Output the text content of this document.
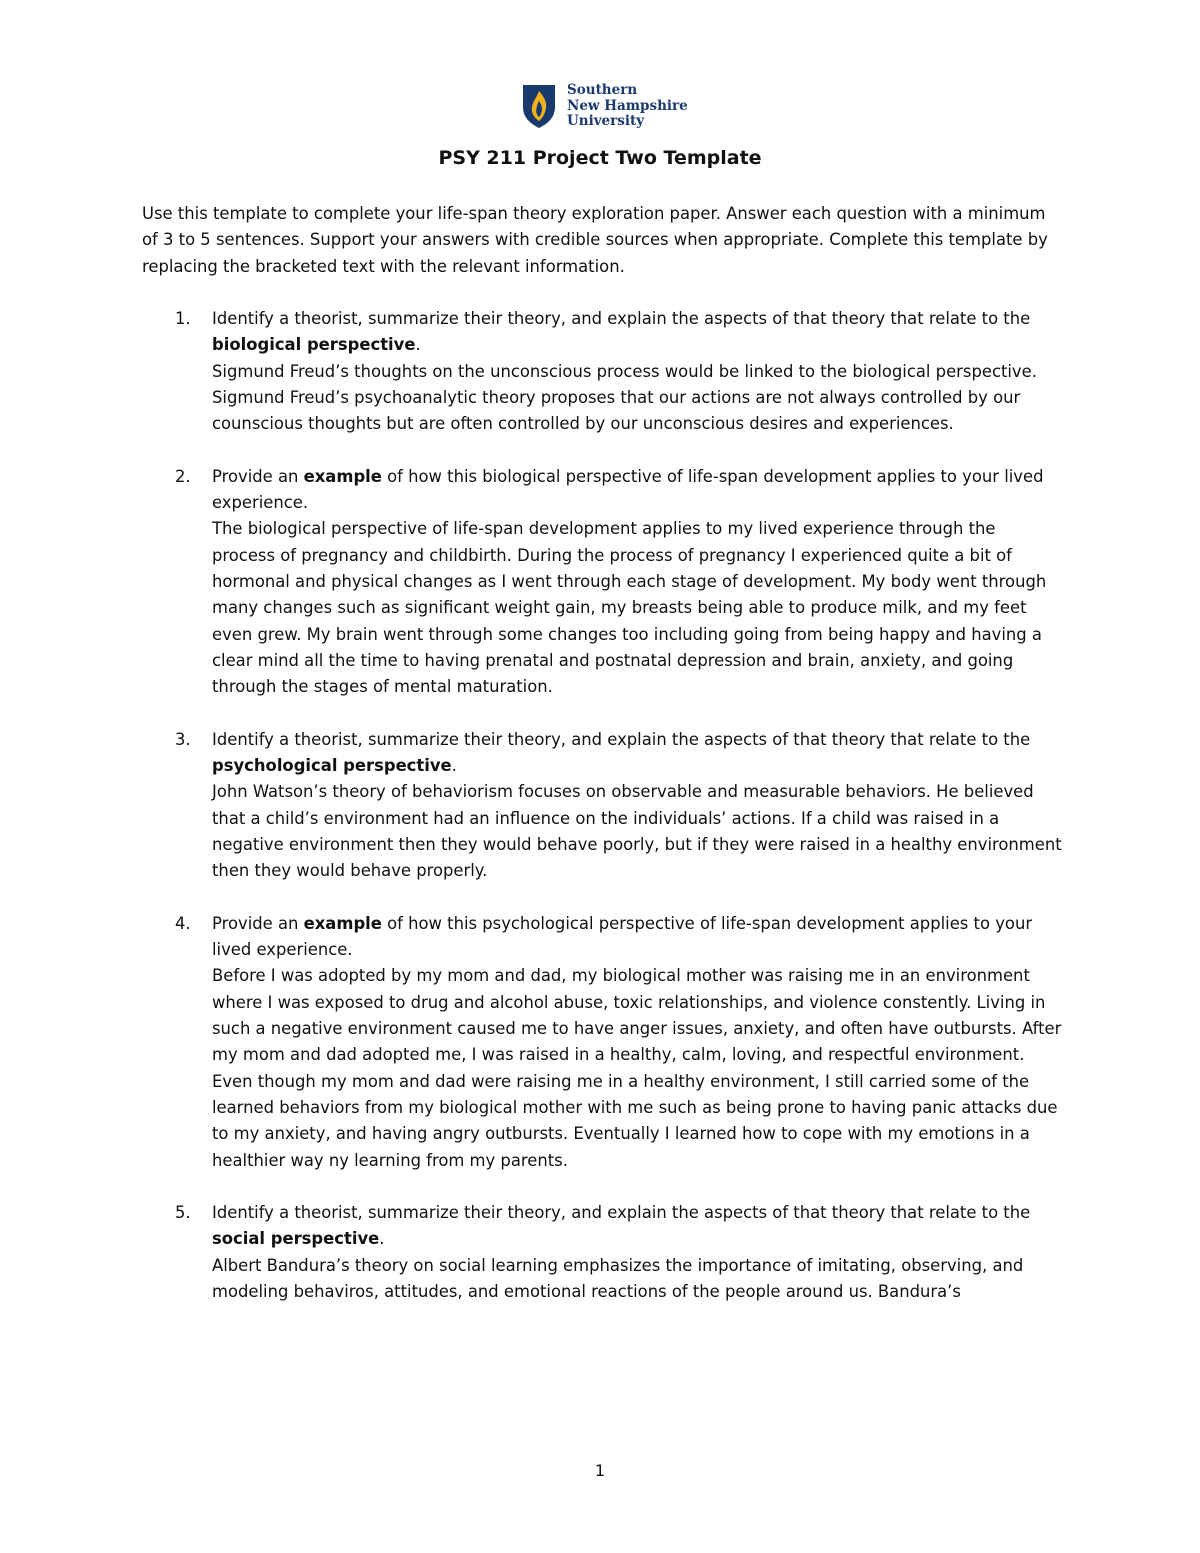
Southern
New Hampshire
University
PSY 211 Project Two Template

Use this template to complete your life-span theory exploration paper. Answer each question with a minimum of 3 to 5 sentences. Support your answers with credible sources when appropriate. Complete this template by replacing the bracketed text with the relevant information.

1. Identify a theorist, summarize their theory, and explain the aspects of that theory that relate to the biological perspective.
Sigmund Freud’s thoughts on the unconscious process would be linked to the biological perspective. Sigmund Freud’s psychoanalytic theory proposes that our actions are not always controlled by our counscious thoughts but are often controlled by our unconscious desires and experiences.
2. Provide an example of how this biological perspective of life-span development applies to your lived experience.
The biological perspective of life-span development applies to my lived experience through the process of pregnancy and childbirth. During the process of pregnancy I experienced quite a bit of hormonal and physical changes as I went through each stage of development. My body went through many changes such as significant weight gain, my breasts being able to produce milk, and my feet even grew. My brain went through some changes too including going from being happy and having a clear mind all the time to having prenatal and postnatal depression and brain, anxiety, and going through the stages of mental maturation.
3. Identify a theorist, summarize their theory, and explain the aspects of that theory that relate to the psychological perspective.
John Watson’s theory of behaviorism focuses on observable and measurable behaviors. He believed that a child’s environment had an influence on the individuals’ actions. If a child was raised in a negative environment then they would behave poorly, but if they were raised in a healthy environment then they would behave properly.
4. Provide an example of how this psychological perspective of life-span development applies to your lived experience.
Before I was adopted by my mom and dad, my biological mother was raising me in an environment where I was exposed to drug and alcohol abuse, toxic relationships, and violence constently. Living in such a negative environment caused me to have anger issues, anxiety, and often have outbursts. After my mom and dad adopted me, I was raised in a healthy, calm, loving, and respectful environment. Even though my mom and dad were raising me in a healthy environment, I still carried some of the learned behaviors from my biological mother with me such as being prone to having panic attacks due to my anxiety, and having angry outbursts. Eventually I learned how to cope with my emotions in a healthier way ny learning from my parents.
5. Identify a theorist, summarize their theory, and explain the aspects of that theory that relate to the social perspective.
Albert Bandura’s theory on social learning emphasizes the importance of imitating, observing, and modeling behaviros, attitudes, and emotional reactions of the people around us. Bandura’s
1
